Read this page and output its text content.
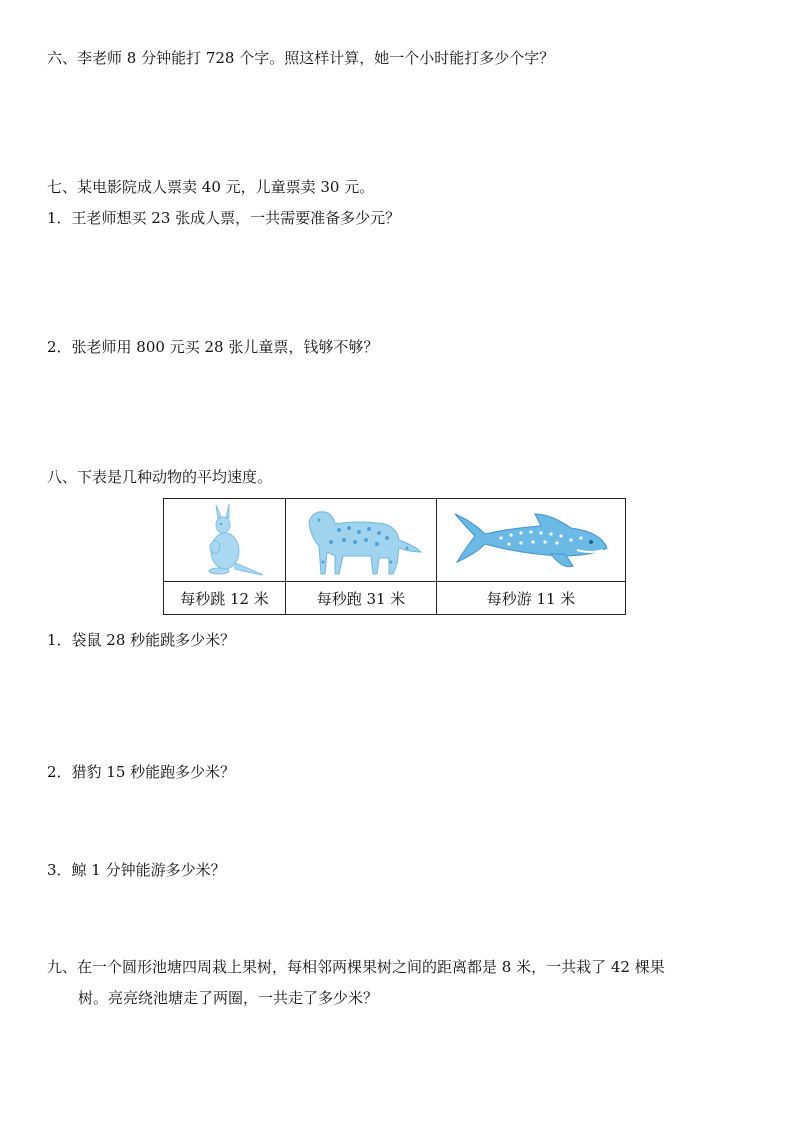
六、李老师 8 分钟能打 728 个字。照这样计算，她一个小时能打多少个字？
七、某电影院成人票卖 40 元，儿童票卖 30 元。
1．王老师想买 23 张成人票，一共需要准备多少元？
2．张老师用 800 元买 28 张儿童票，钱够不够？
八、下表是几种动物的平均速度。

每秒跳 12 米	每秒跑 31 米	每秒游 11 米
1．袋鼠 28 秒能跳多少米？
2．猎豹 15 秒能跑多少米？
3．鲸 1 分钟能游多少米？
九、在一个圆形池塘四周栽上果树，每相邻两棵果树之间的距离都是 8 米，一共栽了 42 棵果
树。亮亮绕池塘走了两圈，一共走了多少米？
